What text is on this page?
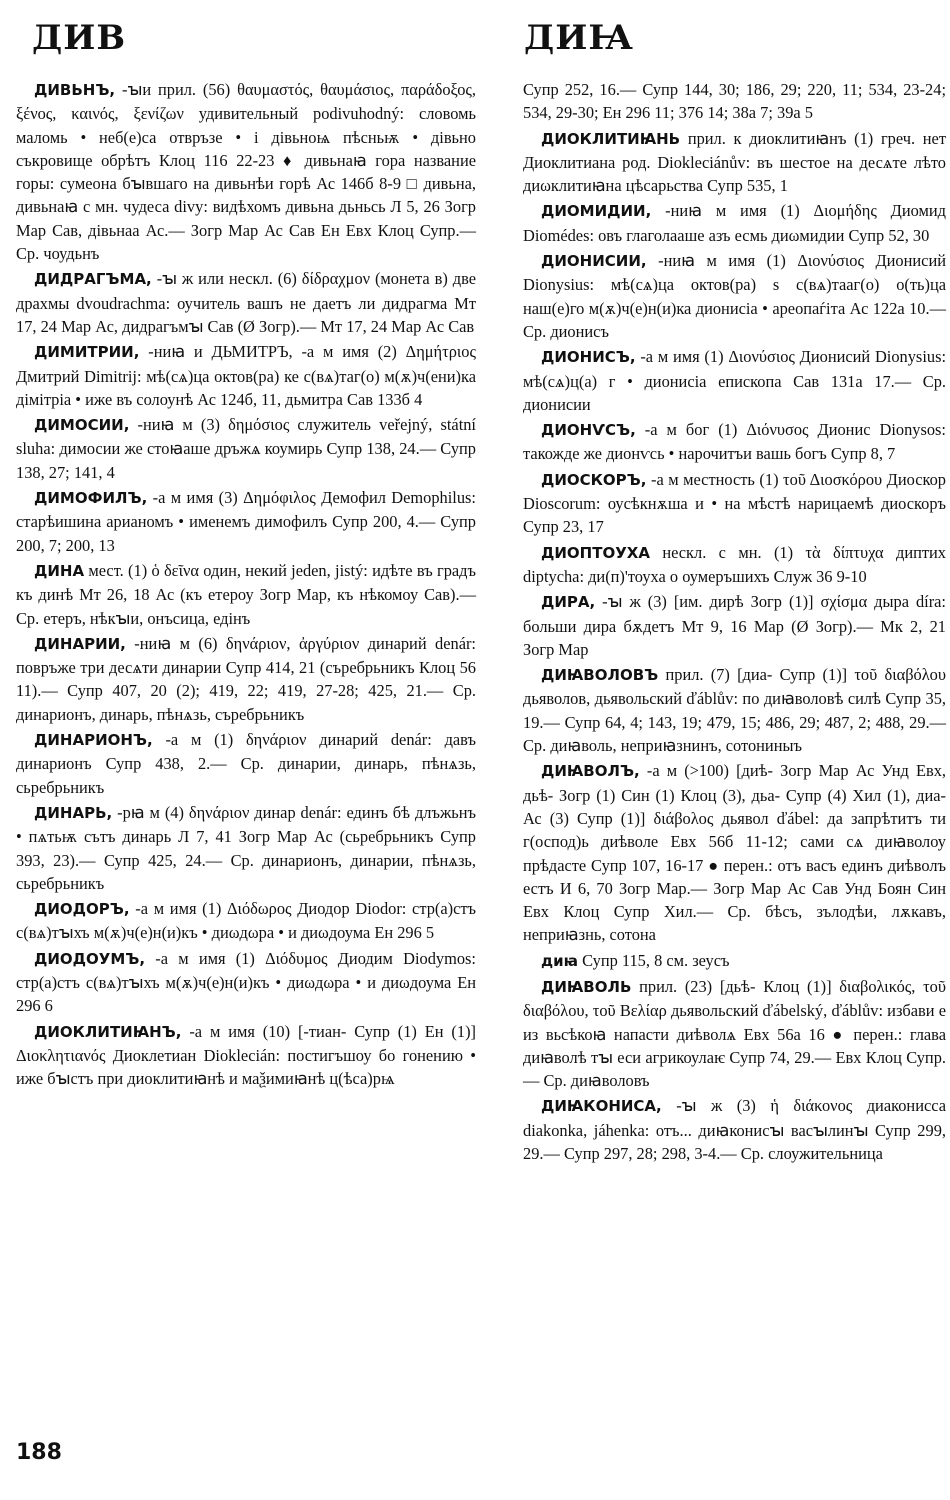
ДИВ	ДИꙖ

ДИВЬНЪ, -ꙑи прил. (56) θαυμαστός, θαυμάσιος, παράδοξος, ξένος, καινός, ξενίζων удивительный podivuhodný: словомь маломь • неб(е)са отвръзе • і дівьноѩ пѣсньѭ • дівьно съкровище обрѣтъ Клоц 116 22-23 ♦ дивьнаꙗ гора название горы: сумеона бꙑвшаго на дивьнѣи горѣ Ас 146б 8-9 □ дивьна, дивьнаꙗ с мн. чудеса divy: видѣхомъ дивьна дьньсь Л 5, 26 Зогр Мар Сав, дівьнаа Ас.— Зогр Мар Ас Сав Ен Евх Клоц Супр.— Ср. чоудьнъ

ДИДРАГЪМА, -ꙑ ж или нескл. (6) δίδραχμον (монета в) две драхмы dvoudrachma: оучитель вашъ не даетъ ли дидрагма Мт 17, 24 Мар Ас, дидрагъмꙑ Сав (Ø Зогр).— Мт 17, 24 Мар Ас Сав

ДИМИТРИИ, -ниꙗ и ДЬМИТРЪ, -а м имя (2) Δημήτριος Дмитрий Dimitrij: мѣ(сѧ)ца октов(ра) ке с(вѧ)таг(о) м(ѫ)ч(ени)ка дімітрiа • иже въ солоунѣ Ас 124б, 11, дьмитра Сав 133б 4

ДИМОСИИ, -ниꙗ м (3) δημόσιος служитель veřejný, státní sluha: димосии же стоꙗаше дръжѧ коумирь Супр 138, 24.— Супр 138, 27; 141, 4

ДИМОФИЛЪ, -а м имя (3) Δημόφιλος Демофил Demophilus: старѣишина арианомъ • именемъ димофилъ Супр 200, 4.— Супр 200, 7; 200, 13

ДИНА мест. (1) ὁ δεῖνα один, некий jeden, jistý: идѣте въ градъ къ динѣ Мт 26, 18 Ас (къ етероу Зогр Мар, къ нѣкомоу Сав).— Ср. етеръ, нѣкꙑи, онъсица, едінъ

ДИНАРИИ, -ниꙗ м (6) δηνάριον, ἀργύριον динарий denár: повръже три десѧти динарии Супр 414, 21 (съребрьникъ Клоц 56 11).— Супр 407, 20 (2); 419, 22; 419, 27-28; 425, 21.— Ср. динарионъ, динарь, пѣнѧзь, съребрьникъ

ДИНАРИОНЪ, -а м (1) δηνάριον динарий denár: давъ динарионъ Супр 438, 2.— Ср. динарии, динарь, пѣнѧзь, сьребрьникъ

ДИНАРЬ, -рꙗ м (4) δηνάριον динар denár: единъ бѣ длъжьнъ • пѧтьѭ сътъ динарь Л 7, 41 Зогр Мар Ас (сьребрьникъ Супр 393, 23).— Супр 425, 24.— Ср. динарионъ, динарии, пѣнѧзь, сьребрьникъ

ДИОДОРЪ, -а м имя (1) Διόδωρος Диодор Diodor: стр(а)стъ с(вѧ)тꙑхъ м(ѫ)ч(е)н(и)къ • диωдωра • и диωдоума Ен 296 5

ДИОДОУМЪ, -а м имя (1) Διόδυμος Диодим Diodymos: стр(а)стъ с(вѧ)тꙑхъ м(ѫ)ч(е)н(и)къ • диωдωра • и диωдоума Ен 296 6

ДИОКЛИТИꙖНЪ, -а м имя (10) [-тиан- Супр (1) Ен (1)] Διοκλητιανός Диоклетиан Dioklecián: постигъшоу бо гонению • иже бꙑстъ при диоклитиꙗнѣ и маѯимиꙗнѣ ц(ѣса)рѩ

Супр 252, 16.— Супр 144, 30; 186, 29; 220, 11; 534, 23-24; 534, 29-30; Ен 296 11; 376 14; 38а 7; 39а 5

ДИОКЛИТИꙖНЬ прил. к диоклитиꙗнъ (1) греч. нет Диоклитиана род. Diokleciánův: въ шестое на десѧте лѣто диωклитиꙗна цѣсарьства Супр 535, 1

ДИОМИДИИ, -ниꙗ м имя (1) Διομήδης Диомид Diomédes: овъ глаголааше азъ есмь диωмидии Супр 52, 30

ДИОНИСИИ, -ниꙗ м имя (1) Διονύσιος Дионисий Dionysius: мѣ(сѧ)ца октов(ра) ѕ с(вѧ)тааг(о) о(ть)ца наш(е)го м(ѫ)ч(е)н(и)ка дионисіа • ареопаѓіта Ас 122а 10.— Ср. дионисъ

ДИОНИСЪ, -а м имя (1) Διονύσιος Дионисий Dionysius: мѣ(сѧ)ц(а) г • дионисіа епископа Сав 131а 17.— Ср. дионисии

ДИОНѴСЪ, -а м бог (1) Διόνυσος Дионис Dionysos: такожде же дионѵсь • нарочитъи вашь богъ Супр 8, 7

ДИОСКОРЪ, -а м местность (1) τοῦ Διοσκόρου Диоскор Dioscorum: оусѣкнѫша и • на мѣстѣ нарицаемѣ диоскоръ Супр 23, 17

ДИОПТОУХА нескл. с мн. (1) τὰ δίπτυχα диптих diptycha: ди(п)'тоуха о оумеръшихъ Служ 36 9-10

ДИРА, -ꙑ ж (3) [им. дирѣ Зогр (1)] σχίσμα дыра díra: больши дира бѫдетъ Мт 9, 16 Мар (Ø Зогр).— Мк 2, 21 Зогр Мар

ДИꙖВОЛОВЪ прил. (7) [диа- Супр (1)] τοῦ διαβόλου дьяволов, дьявольский ďáblův: по диꙗволовѣ силѣ Супр 35, 19.— Супр 64, 4; 143, 19; 479, 15; 486, 29; 487, 2; 488, 29.— Ср. диꙗволь, неприꙗзнинъ, сотониныъ

ДИꙖВОЛЪ, -а м (>100) [диѣ- Зогр Мар Ас Унд Евх, дьѣ- Зогр (1) Син (1) Клоц (3), дьа- Супр (4) Хил (1), диа- Ас (3) Супр (1)] διάβολος дьявол ďábel: да запрѣтитъ ти г(оспод)ь диѣволе Евх 56б 11-12; сами сѧ диꙗволоу прѣдасте Супр 107, 16-17 ● перен.: отъ васъ единъ диѣволъ естъ И 6, 70 Зогр Мар.— Зогр Мар Ас Сав Унд Боян Син Евх Клоц Супр Хил.— Ср. бѣсъ, зълодѣи, лѫкавъ, неприꙗзнь, сотона

диꙗ Супр 115, 8 см. зеусъ

ДИꙖВОЛЬ прил. (23) [дьѣ- Клоц (1)] διαβολικός, τοῦ διαβόλου, τοῦ Βελίαρ дьявольский ďábelský, ďáblův: избави е из вьсѣкоꙗ напасти диѣволѧ Евх 56а 16 ● перен.: глава диꙗволѣ тꙑ еси агрикоулаѥ Супр 74, 29.— Евх Клоц Супр.— Ср. диꙗволовъ

ДИꙖКОНИСА, -ꙑ ж (3) ἡ διάκονος диаконисса diakonka, jáhenka: отъ... диꙗконисꙑ васꙑлинꙑ Супр 299, 29.— Супр 297, 28; 298, 3-4.— Ср. слоужительница

188
